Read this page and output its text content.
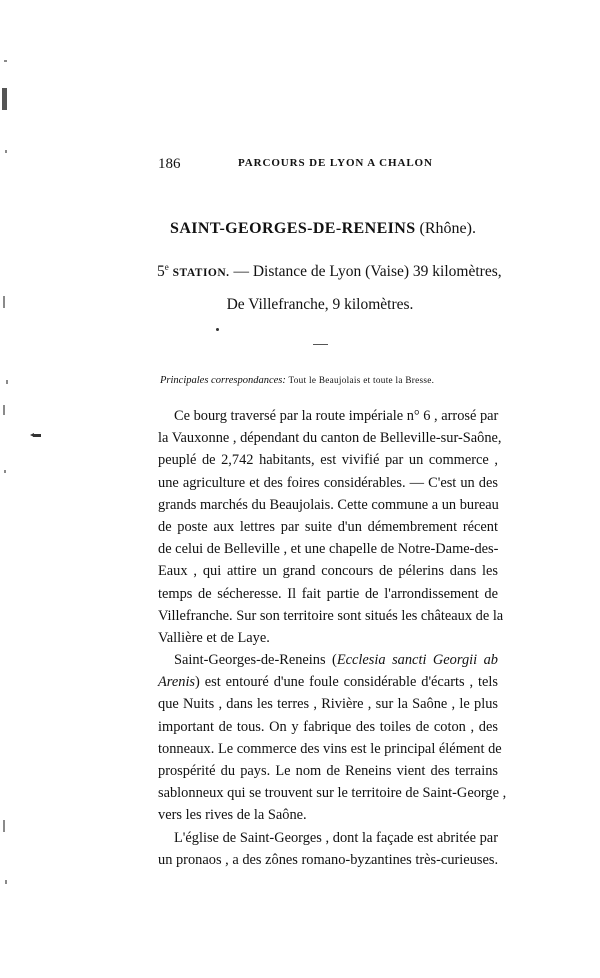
186	PARCOURS DE LYON A CHALON
SAINT-GEORGES-DE-RENEINS (Rhône).
5e STATION. — Distance de Lyon (Vaise) 39 kilomètres,
De Villefranche, 9 kilomètres.
Principales correspondances: Tout le Beaujolais et toute la Bresse.
Ce bourg traversé par la route impériale n° 6 , arrosé par
la Vauxonne , dépendant du canton de Belleville-sur-Saône,
peuplé de 2,742 habitants, est vivifié par un commerce ,
une agriculture et des foires considérables. — C'est un des
grands marchés du Beaujolais. Cette commune a un bureau
de poste aux lettres par suite d'un démembrement récent
de celui de Belleville , et une chapelle de Notre-Dame-des-
Eaux , qui attire un grand concours de pélerins dans les
temps de sécheresse. Il fait partie de l'arrondissement de
Villefranche. Sur son territoire sont situés les châteaux de la
Vallière et de Laye.
Saint-Georges-de-Reneins (Ecclesia sancti Georgii ab
Arenis) est entouré d'une foule considérable d'écarts , tels
que Nuits , dans les terres , Rivière , sur la Saône , le plus
important de tous. On y fabrique des toiles de coton , des
tonneaux. Le commerce des vins est le principal élément de
prospérité du pays. Le nom de Reneins vient des terrains
sablonneux qui se trouvent sur le territoire de Saint-George ,
vers les rives de la Saône.
L'église de Saint-Georges , dont la façade est abritée par
un pronaos , a des zônes romano-byzantines très-curieuses.
